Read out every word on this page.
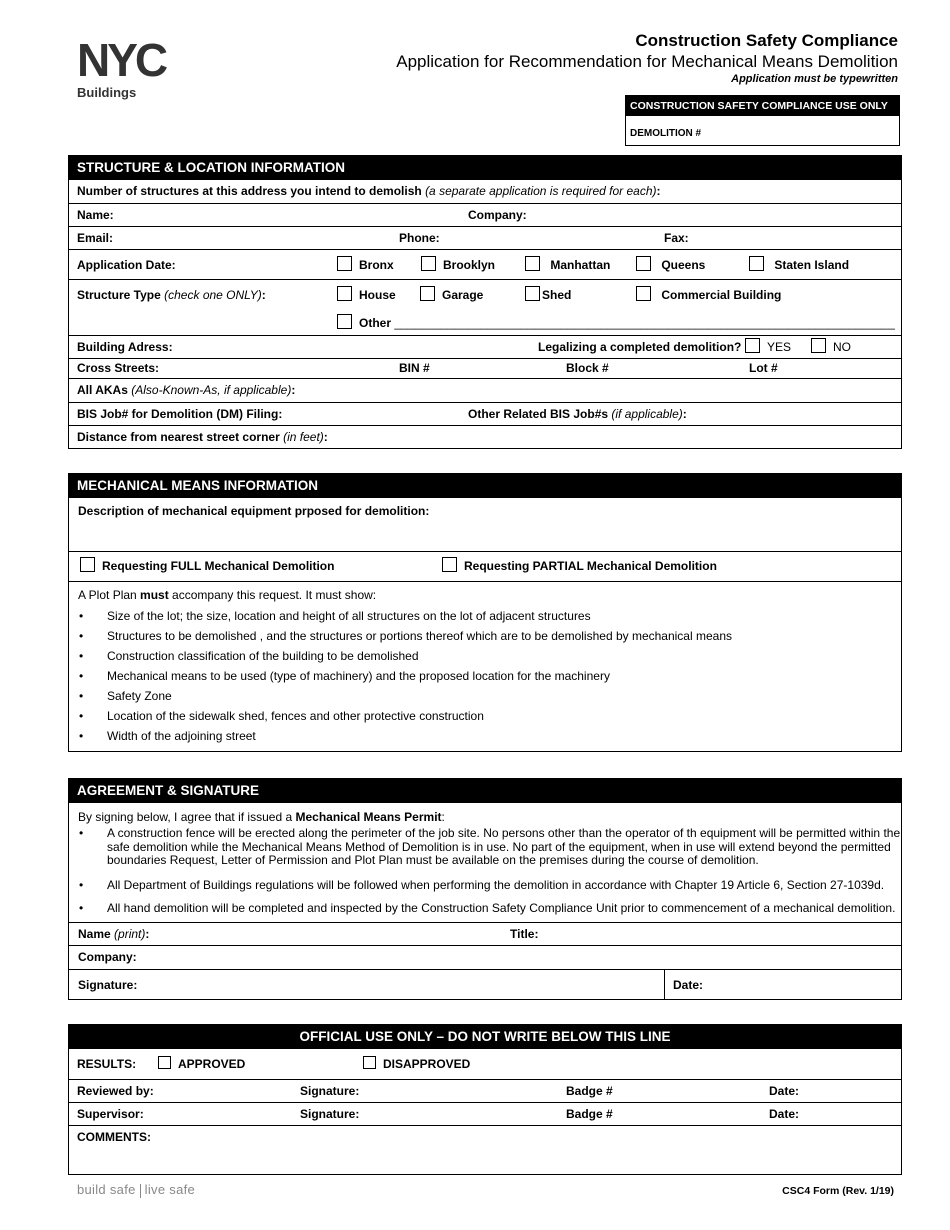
NYC
Buildings
Construction Safety Compliance
Application for Recommendation for Mechanical Means Demolition
Application must be typewritten
CONSTRUCTION SAFETY COMPLIANCE USE ONLY
DEMOLITION #
STRUCTURE & LOCATION INFORMATION
Number of structures at this address you intend to demolish (a separate application is required for each):
Name:	Company:
Email:	Phone:	Fax:
Application Date:	Bronx	Brooklyn	Manhattan	Queens	Staten Island
Structure Type (check one ONLY):	House	Garage	Shed	Commercial Building
Other ___________________________________________________________________________
Building Adress:	Legalizing a completed demolition?	YES	NO
Cross Streets:	BIN #	Block #	Lot #
All AKAs (Also-Known-As, if applicable):
BIS Job# for Demolition (DM) Filing:	Other Related BIS Job#s (if applicable):
Distance from nearest street corner (in feet):
MECHANICAL MEANS INFORMATION
Description of mechanical equipment prposed for demolition:
Requesting FULL Mechanical Demolition	Requesting PARTIAL Mechanical Demolition
A Plot Plan must accompany this request. It must show:
• Size of the lot; the size, location and height of all structures on the lot of adjacent structures
• Structures to be demolished , and the structures or portions thereof which are to be demolished by mechanical means
• Construction classification of the building to be demolished
• Mechanical means to be used (type of machinery) and the proposed location for the machinery
• Safety Zone
• Location of the sidewalk shed, fences and other protective construction
• Width of the adjoining street
AGREEMENT & SIGNATURE
By signing below, I agree that if issued a Mechanical Means Permit:
• A construction fence will be erected along the perimeter of the job site. No persons other than the operator of th equipment will be permitted within the safe demolition while the Mechanical Means Method of Demolition is in use. No part of the equipment, when in use will extend beyond the permitted boundaries Request, Letter of Permission and Plot Plan must be available on the premises during the course of demolition.
• All Department of Buildings regulations will be followed when performing the demolition in accordance with Chapter 19 Article 6, Section 27-1039d.
• All hand demolition will be completed and inspected by the Construction Safety Compliance Unit prior to commencement of a mechanical demolition.
Name (print):	Title:
Company:
Signature:	Date:
OFFICIAL USE ONLY – DO NOT WRITE BELOW THIS LINE
RESULTS:	APPROVED	DISAPPROVED
Reviewed by:	Signature:	Badge #	Date:
Supervisor:	Signature:	Badge #	Date:
COMMENTS:
build safe live safe	CSC4 Form (Rev. 1/19)
